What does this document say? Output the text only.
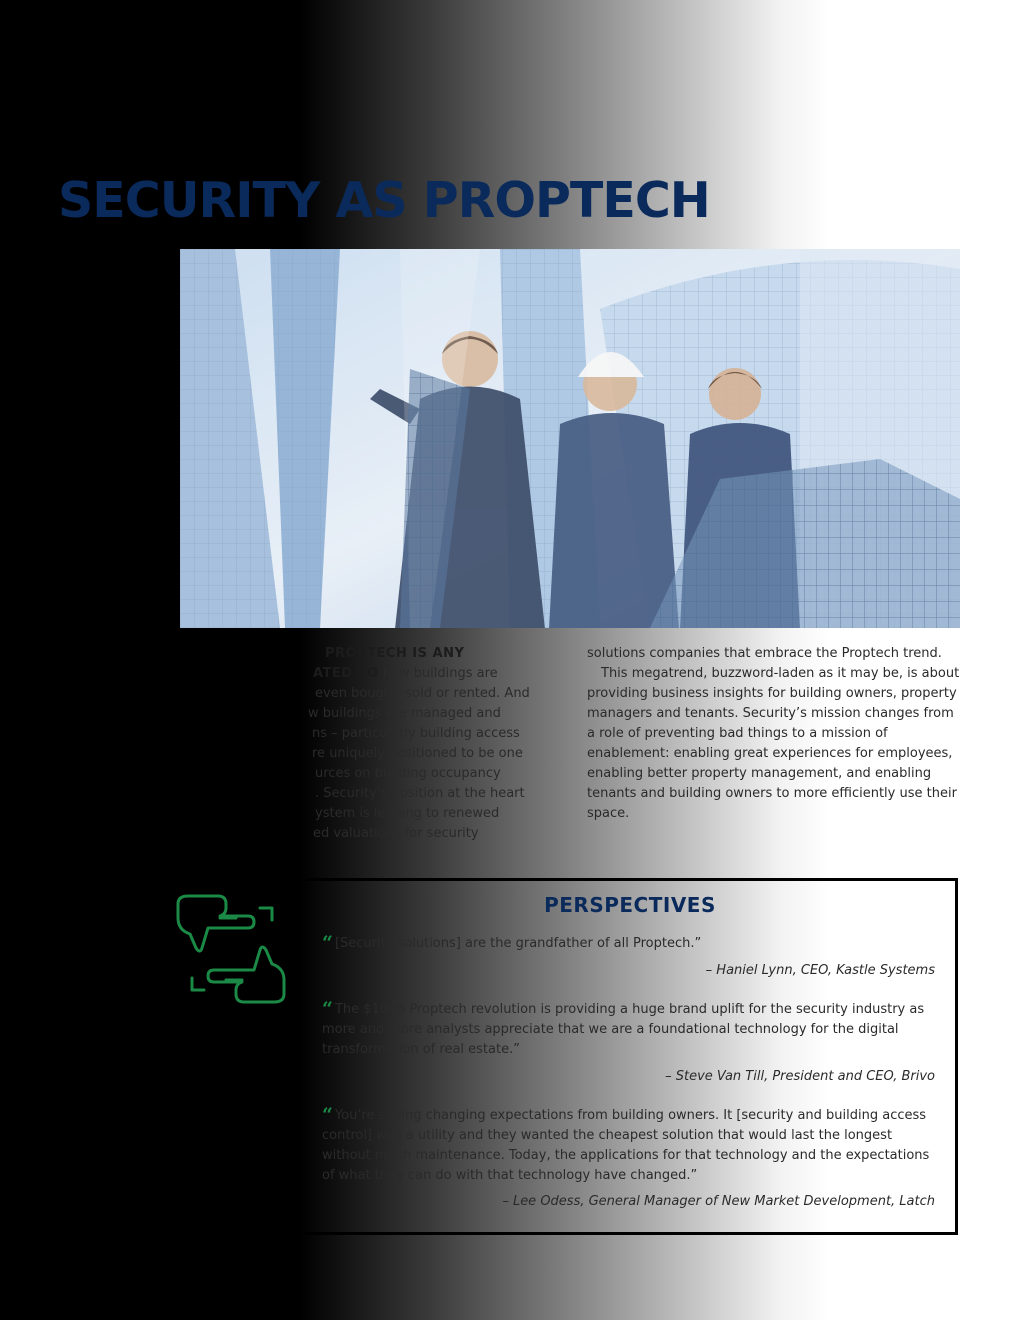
SECURITY AS PROPTECH

PROPTECH IS ANY

ATED TO how buildings are

even bought, sold or rented. And

w buildings are managed and

ns – particularly building access

re uniquely positioned to be one

urces on building occupancy

. Security’s position at the heart

ystem is leading to renewed

ed valuations for security

solutions companies that embrace the Proptech trend.

This megatrend, buzzword-laden as it may be, is about providing business insights for building owners, property managers and tenants. Security’s mission changes from a role of preventing bad things to a mission of enablement: enabling great experiences for employees, enabling better property management, and enabling tenants and building owners to more efficiently use their space.

PERSPECTIVES
“ [Security solutions] are the grandfather of all Proptech.”
– Haniel Lynn, CEO, Kastle Systems
“ The $100B Proptech revolution is providing a huge brand uplift for the security industry as more and more analysts appreciate that we are a foundational technology for the digital transformation of real estate.”
– Steve Van Till, President and CEO, Brivo
“ You’re seeing changing expectations from building owners. It [security and building access control] was a utility and they wanted the cheapest solution that would last the longest without much maintenance. Today, the applications for that technology and the expectations of what they can do with that technology have changed.”
– Lee Odess, General Manager of New Market Development, Latch
